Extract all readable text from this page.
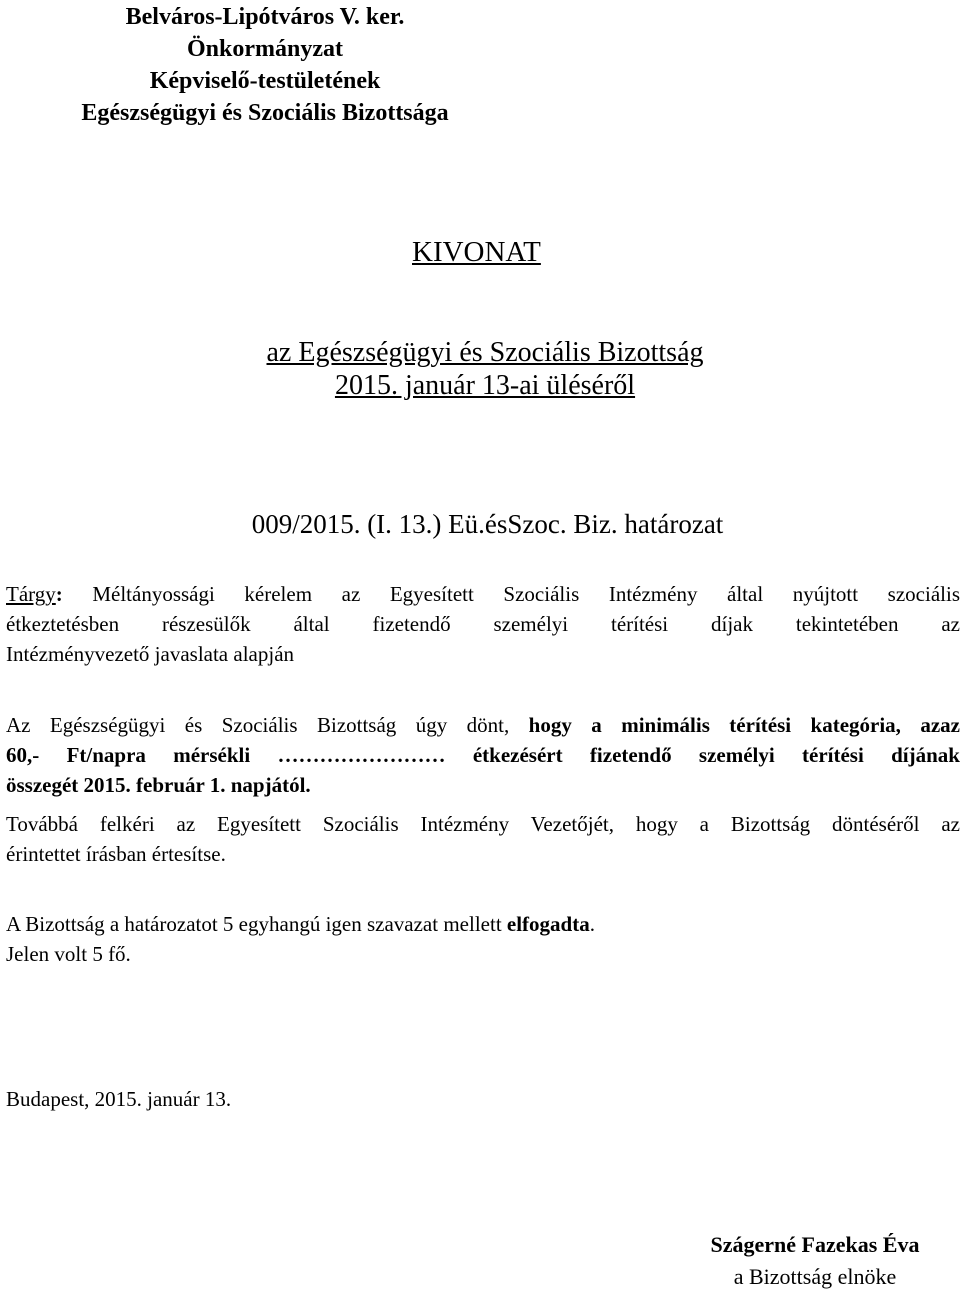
Belváros-Lipótváros V. ker.
Önkormányzat
Képviselő-testületének
Egészségügyi és Szociális Bizottsága
KIVONAT
az Egészségügyi és Szociális Bizottság
2015. január 13-ai üléséről
009/2015. (I. 13.) Eü.ésSzoc. Biz. határozat
Tárgy: Méltányossági kérelem az Egyesített Szociális Intézmény által nyújtott szociális
étkeztetésben részesülők által fizetendő személyi térítési díjak tekintetében az
Intézményvezető javaslata alapján
Az Egészségügyi és Szociális Bizottság úgy dönt, hogy a minimális térítési kategória, azaz
60,- Ft/napra mérsékli …………………… étkezésért fizetendő személyi térítési díjának
összegét 2015. február 1. napjától.
Továbbá felkéri az Egyesített Szociális Intézmény Vezetőjét, hogy a Bizottság döntéséről az
érintettet írásban értesítse.
A Bizottság a határozatot 5 egyhangú igen szavazat mellett elfogadta.
Jelen volt 5 fő.
Budapest, 2015. január 13.
Szágerné Fazekas Éva
a Bizottság elnöke
